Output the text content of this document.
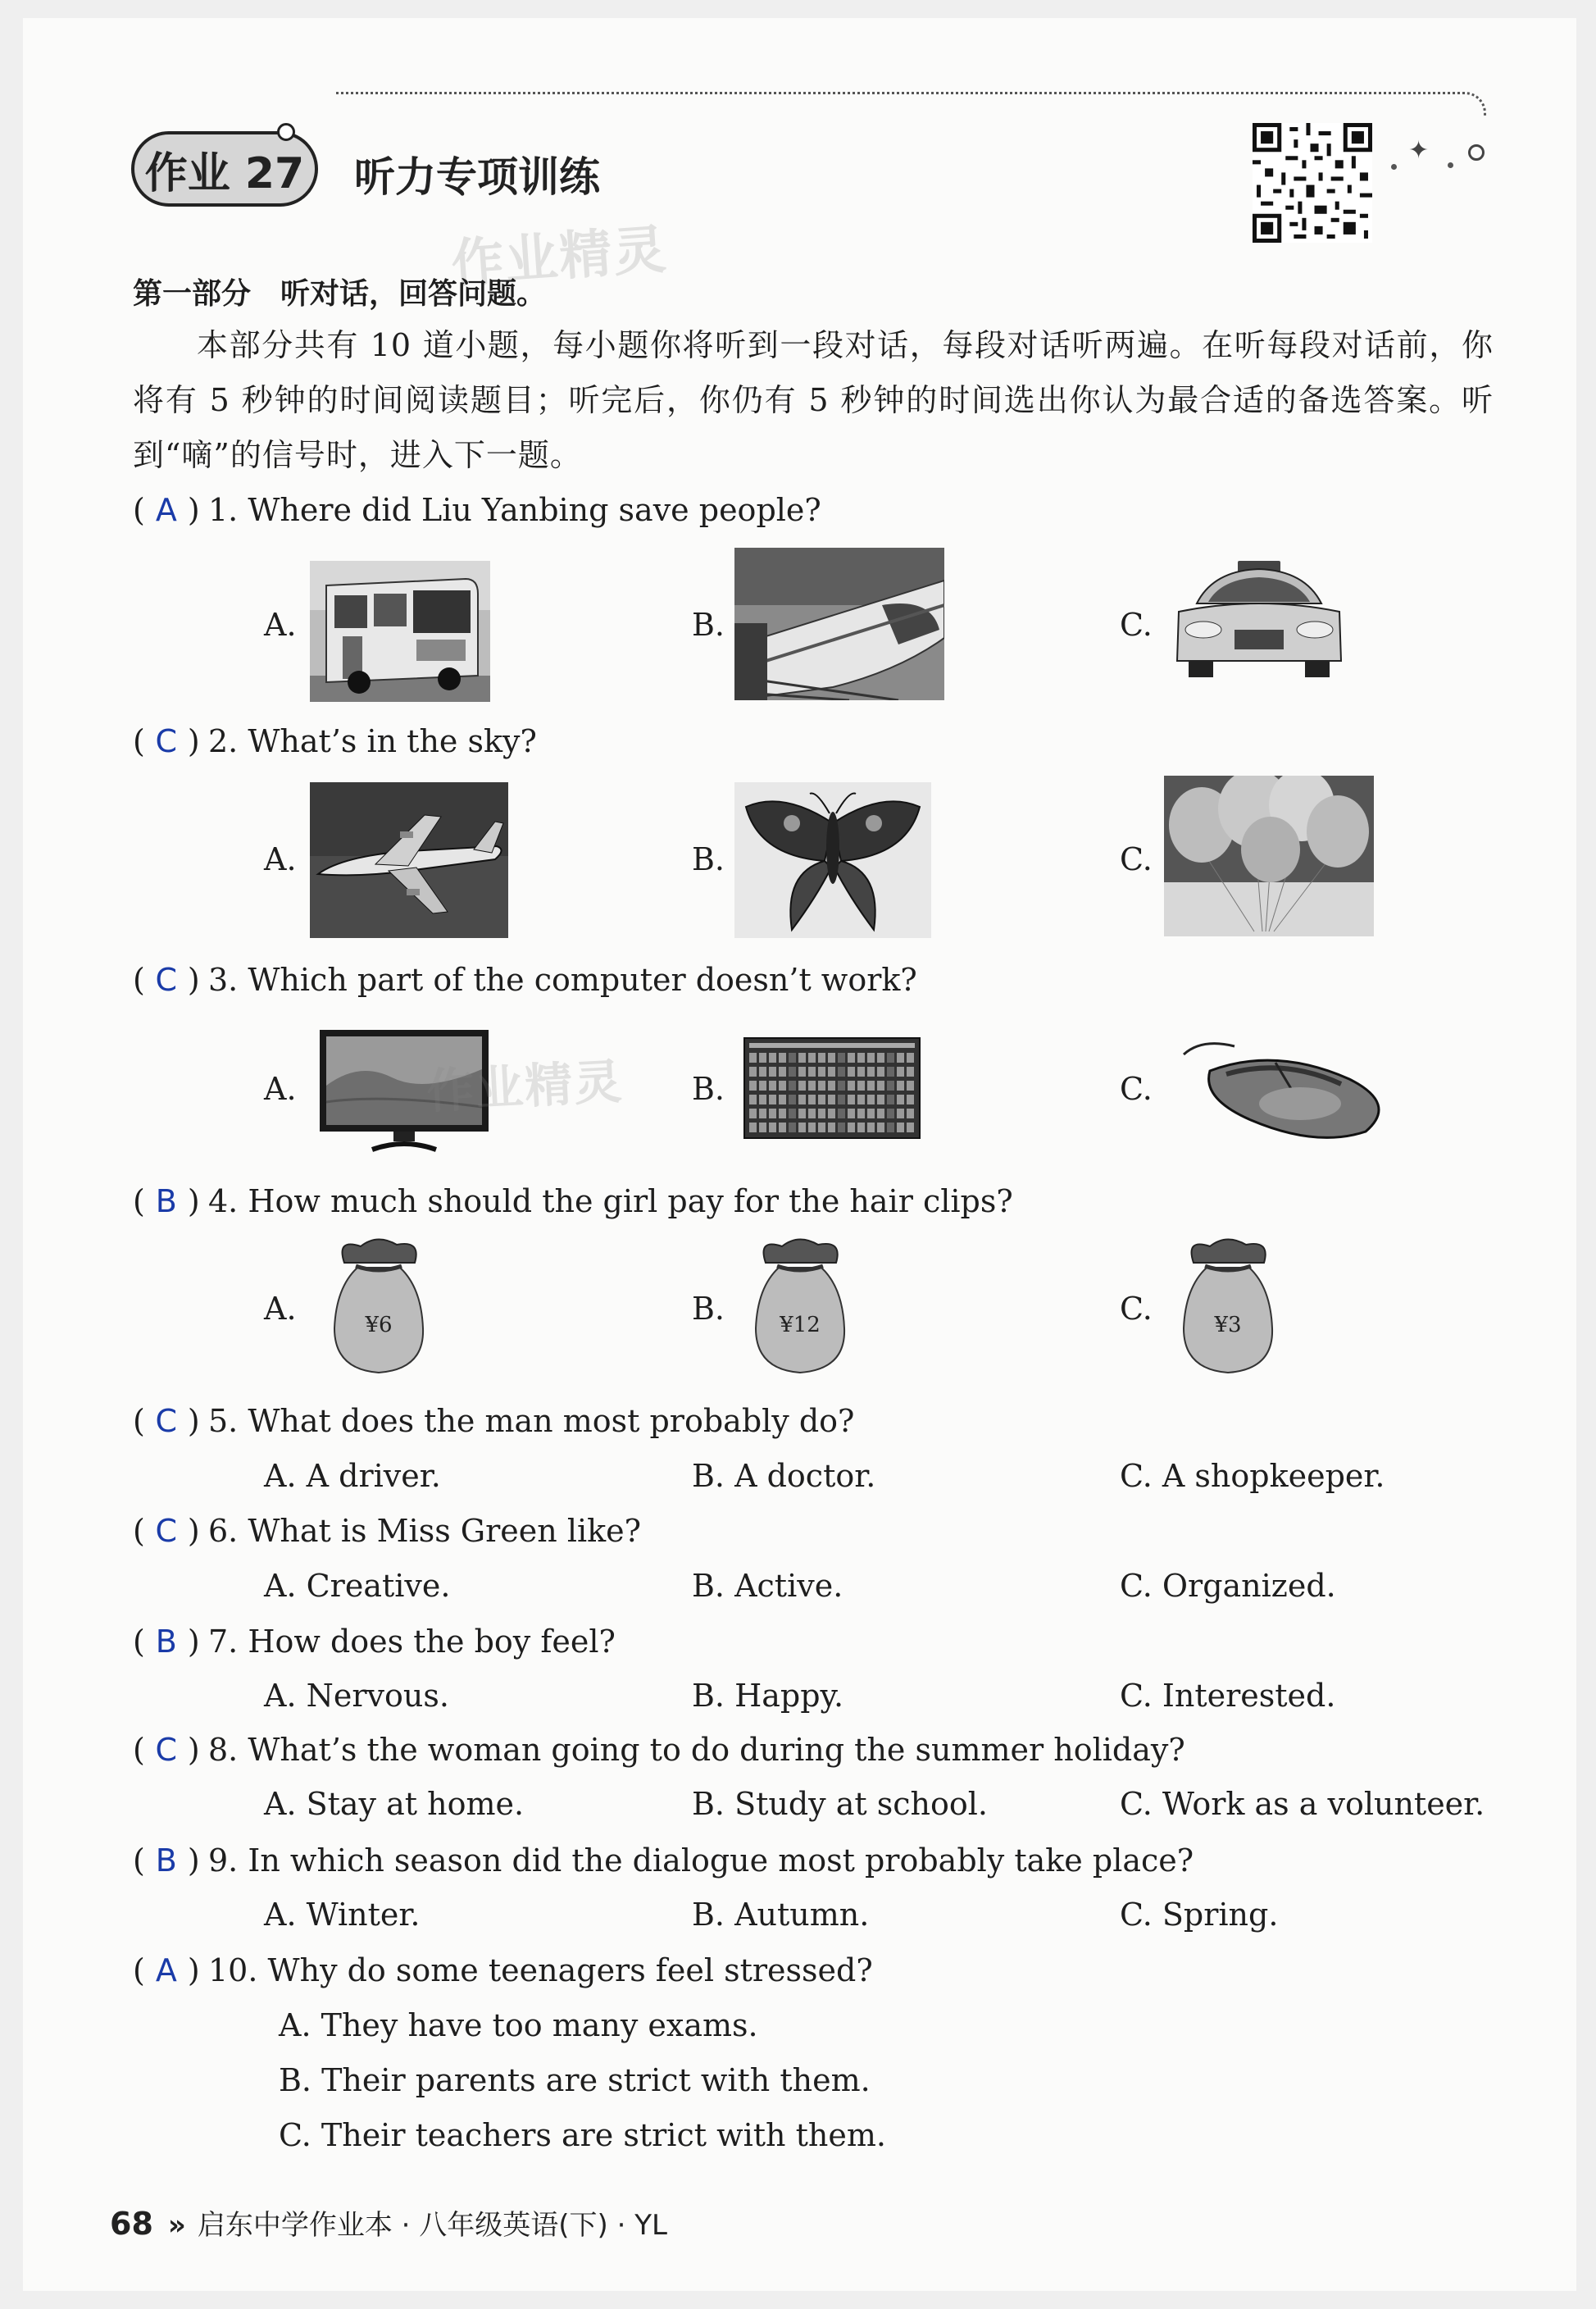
作业 27	听力专项训练
✦
作业精灵
第一部分　听对话，回答问题。
本部分共有 10 道小题，每小题你将听到一段对话，每段对话听两遍。在听每段对话前，你将有 5 秒钟的时间阅读题目；听完后，你仍有 5 秒钟的时间选出你认为最合适的备选答案。听到“嘀”的信号时，进入下一题。
( A ) 1. Where did Liu Yanbing save people?
A.	B.	C.
( C ) 2. What’s in the sky?
A.	B.	C.
( C ) 3. Which part of the computer doesn’t work?
A.	B.	C.
作业精灵
( B ) 4. How much should the girl pay for the hair clips?
A.	B.	C.
¥6	¥12	¥3
( C ) 5. What does the man most probably do?
A. A driver.	B. A doctor.	C. A shopkeeper.
( C ) 6. What is Miss Green like?
A. Creative.	B. Active.	C. Organized.
( B ) 7. How does the boy feel?
A. Nervous.	B. Happy.	C. Interested.
( C ) 8. What’s the woman going to do during the summer holiday?
A. Stay at home.	B. Study at school.	C. Work as a volunteer.
( B ) 9. In which season did the dialogue most probably take place?
A. Winter.	B. Autumn.	C. Spring.
( A ) 10. Why do some teenagers feel stressed?
A. They have too many exams.
B. Their parents are strict with them.
C. Their teachers are strict with them.
68 » 启东中学作业本 · 八年级英语(下) · YL
